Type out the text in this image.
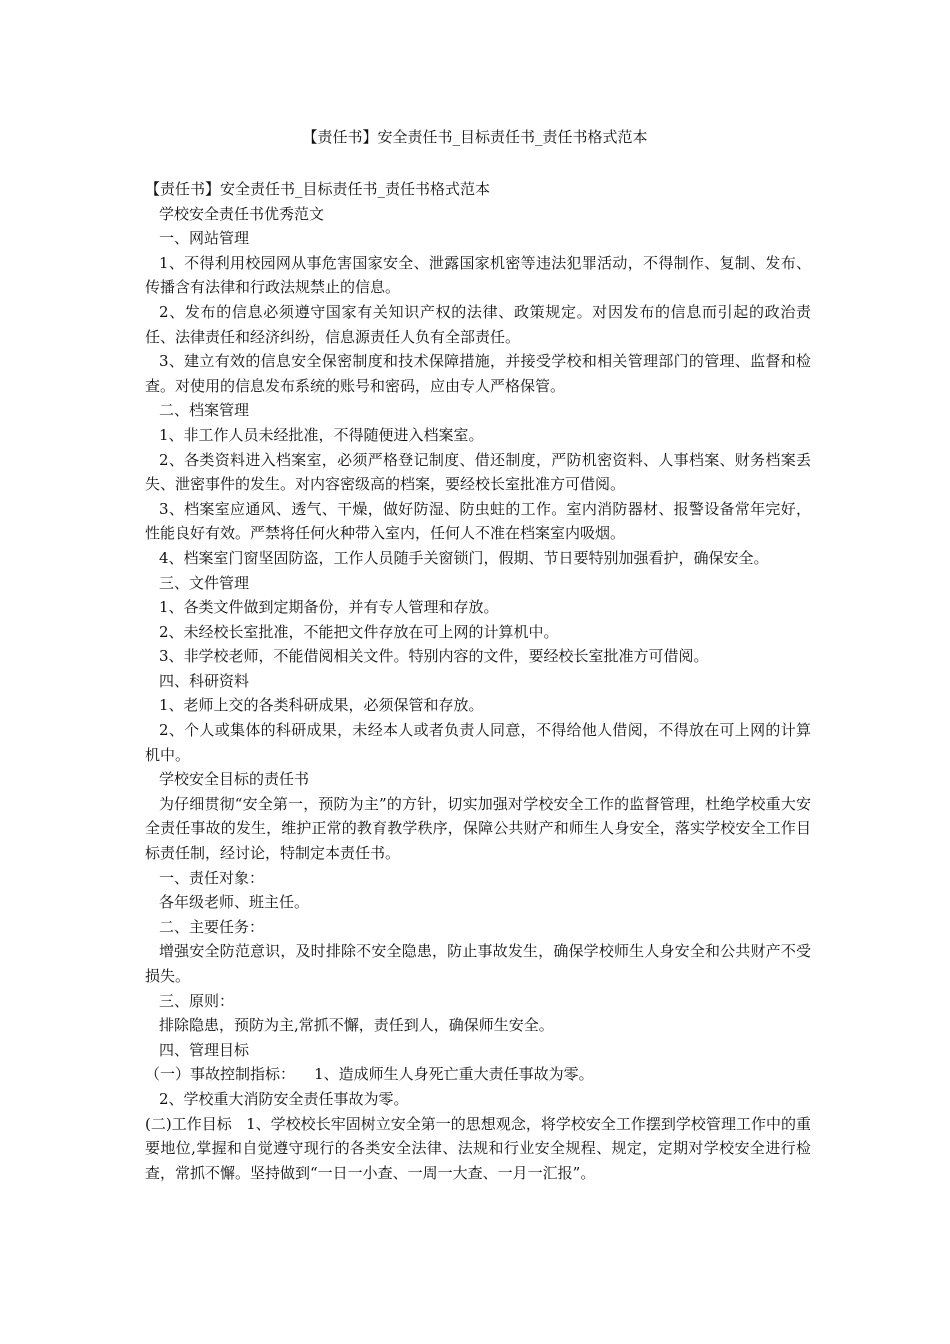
【责任书】安全责任书_目标责任书_责任书格式范本

【责任书】安全责任书_目标责任书_责任书格式范本

学校安全责任书优秀范文

一、网站管理

1、不得利用校园网从事危害国家安全、泄露国家机密等违法犯罪活动，不得制作、复制、发布、传播含有法律和行政法规禁止的信息。

2、发布的信息必须遵守国家有关知识产权的法律、政策规定。对因发布的信息而引起的政治责任、法律责任和经济纠纷，信息源责任人负有全部责任。

3、建立有效的信息安全保密制度和技术保障措施，并接受学校和相关管理部门的管理、监督和检查。对使用的信息发布系统的账号和密码，应由专人严格保管。

二、档案管理

1、非工作人员未经批准，不得随便进入档案室。

2、各类资料进入档案室，必须严格登记制度、借还制度，严防机密资料、人事档案、财务档案丢失、泄密事件的发生。对内容密级高的档案，要经校长室批准方可借阅。

3、档案室应通风、透气、干燥，做好防湿、防虫蛀的工作。室内消防器材、报警设备常年完好，性能良好有效。严禁将任何火种带入室内，任何人不准在档案室内吸烟。

4、档案室门窗坚固防盗，工作人员随手关窗锁门，假期、节日要特别加强看护，确保安全。

三、文件管理

1、各类文件做到定期备份，并有专人管理和存放。

2、未经校长室批准，不能把文件存放在可上网的计算机中。

3、非学校老师，不能借阅相关文件。特别内容的文件，要经校长室批准方可借阅。

四、科研资料

1、老师上交的各类科研成果，必须保管和存放。

2、个人或集体的科研成果，未经本人或者负责人同意，不得给他人借阅，不得放在可上网的计算机中。

学校安全目标的责任书

为仔细贯彻“安全第一，预防为主”的方针，切实加强对学校安全工作的监督管理，杜绝学校重大安全责任事故的发生，维护正常的教育教学秩序，保障公共财产和师生人身安全，落实学校安全工作目标责任制，经讨论，特制定本责任书。

一、责任对象：

各年级老师、班主任。

二、主要任务：

增强安全防范意识，及时排除不安全隐患，防止事故发生，确保学校师生人身安全和公共财产不受损失。

三、原则：

排除隐患，预防为主,常抓不懈，责任到人，确保师生安全。

四、管理目标

（一）事故控制指标：    1、造成师生人身死亡重大责任事故为零。

2、学校重大消防安全责任事故为零。

(二)工作目标   1、学校校长牢固树立安全第一的思想观念，将学校安全工作摆到学校管理工作中的重要地位,掌握和自觉遵守现行的各类安全法律、法规和行业安全规程、规定，定期对学校安全进行检查，常抓不懈。坚持做到“一日一小查、一周一大查、一月一汇报”。
